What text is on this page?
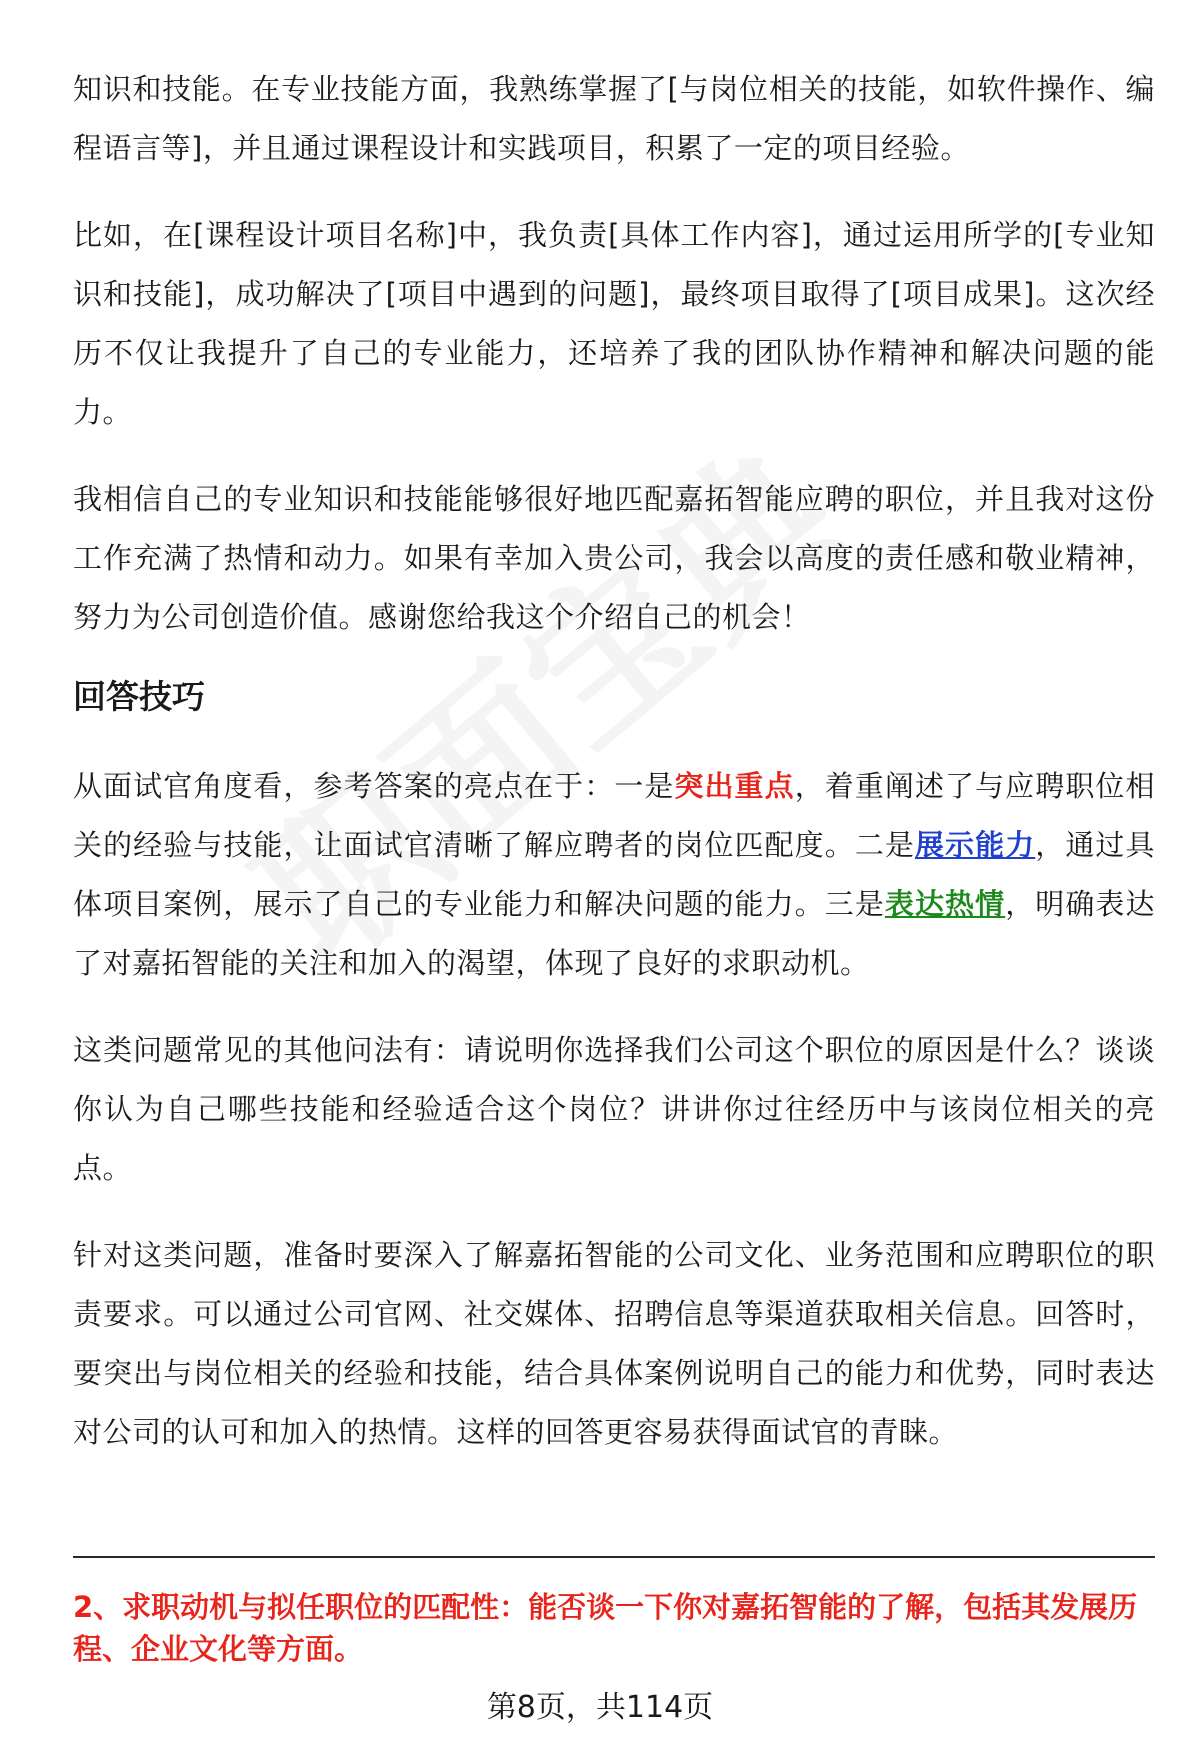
知识和技能。在专业技能方面，我熟练掌握了[与岗位相关的技能，如软件操作、编程语言等]，并且通过课程设计和实践项目，积累了一定的项目经验。

比如，在[课程设计项目名称]中，我负责[具体工作内容]，通过运用所学的[专业知识和技能]，成功解决了[项目中遇到的问题]，最终项目取得了[项目成果]。这次经历不仅让我提升了自己的专业能力，还培养了我的团队协作精神和解决问题的能力。

我相信自己的专业知识和技能能够很好地匹配嘉拓智能应聘的职位，并且我对这份工作充满了热情和动力。如果有幸加入贵公司，我会以高度的责任感和敬业精神，努力为公司创造价值。感谢您给我这个介绍自己的机会！

回答技巧

从面试官角度看，参考答案的亮点在于：一是突出重点，着重阐述了与应聘职位相关的经验与技能，让面试官清晰了解应聘者的岗位匹配度。二是展示能力，通过具体项目案例，展示了自己的专业能力和解决问题的能力。三是表达热情，明确表达了对嘉拓智能的关注和加入的渴望，体现了良好的求职动机。

这类问题常见的其他问法有：请说明你选择我们公司这个职位的原因是什么？谈谈你认为自己哪些技能和经验适合这个岗位？讲讲你过往经历中与该岗位相关的亮点。

针对这类问题，准备时要深入了解嘉拓智能的公司文化、业务范围和应聘职位的职责要求。可以通过公司官网、社交媒体、招聘信息等渠道获取相关信息。回答时，要突出与岗位相关的经验和技能，结合具体案例说明自己的能力和优势，同时表达对公司的认可和加入的热情。这样的回答更容易获得面试官的青睐。

2、求职动机与拟任职位的匹配性：能否谈一下你对嘉拓智能的了解，包括其发展历程、企业文化等方面。
第8页，共114页
